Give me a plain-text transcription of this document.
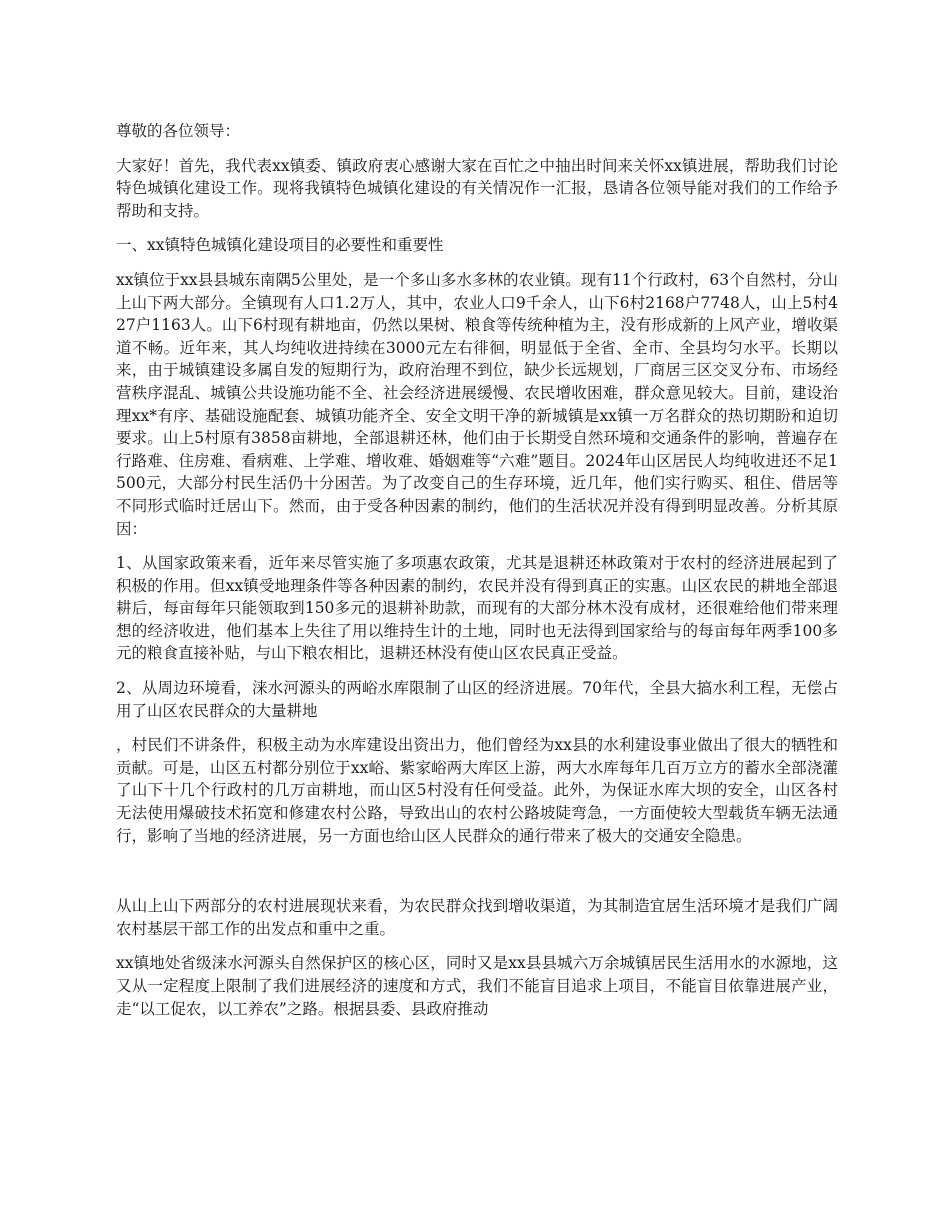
尊敬的各位领导：

大家好！首先，我代表xx镇委、镇政府衷心感谢大家在百忙之中抽出时间来关怀xx镇进展，帮助我们讨论特色城镇化建设工作。现将我镇特色城镇化建设的有关情况作一汇报，恳请各位领导能对我们的工作给予帮助和支持。

一、xx镇特色城镇化建设项目的必要性和重要性

xx镇位于xx县县城东南隅5公里处，是一个多山多水多林的农业镇。现有11个行政村，63个自然村，分山上山下两大部分。全镇现有人口1.2万人，其中，农业人口9千余人，山下6村2168户7748人，山上5村427户1163人。山下6村现有耕地亩，仍然以果树、粮食等传统种植为主，没有形成新的上风产业，增收渠道不畅。近年来，其人均纯收进持续在3000元左右徘徊，明显低于全省、全市、全县均匀水平。长期以来，由于城镇建设多属自发的短期行为，政府治理不到位，缺少长远规划，厂商居三区交叉分布、市场经营秩序混乱、城镇公共设施功能不全、社会经济进展缓慢、农民增收困难，群众意见较大。目前，建设治理xx*有序、基础设施配套、城镇功能齐全、安全文明干净的新城镇是xx镇一万名群众的热切期盼和迫切要求。山上5村原有3858亩耕地，全部退耕还林，他们由于长期受自然环境和交通条件的影响，普遍存在行路难、住房难、看病难、上学难、增收难、婚姻难等“六难”题目。2024年山区居民人均纯收进还不足1500元，大部分村民生活仍十分困苦。为了改变自己的生存环境，近几年，他们实行购买、租住、借居等不同形式临时迁居山下。然而，由于受各种因素的制约，他们的生活状况并没有得到明显改善。分析其原因：

1、从国家政策来看，近年来尽管实施了多项惠农政策，尤其是退耕还林政策对于农村的经济进展起到了积极的作用。但xx镇受地理条件等各种因素的制约，农民并没有得到真正的实惠。山区农民的耕地全部退耕后，每亩每年只能领取到150多元的退耕补助款，而现有的大部分林木没有成材，还很难给他们带来理想的经济收进，他们基本上失往了用以维持生计的土地，同时也无法得到国家给与的每亩每年两季100多元的粮食直接补贴，与山下粮农相比，退耕还林没有使山区农民真正受益。

2、从周边环境看，涞水河源头的两峪水库限制了山区的经济进展。70年代，全县大搞水利工程，无偿占用了山区农民群众的大量耕地

，村民们不讲条件，积极主动为水库建设出资出力，他们曾经为xx县的水利建设事业做出了很大的牺牲和贡献。可是，山区五村都分别位于xx峪、紫家峪两大库区上游，两大水库每年几百万立方的蓄水全部浇灌了山下十几个行政村的几万亩耕地，而山区5村没有任何受益。此外，为保证水库大坝的安全，山区各村无法使用爆破技术拓宽和修建农村公路，导致出山的农村公路坡陡弯急，一方面使较大型载货车辆无法通行，影响了当地的经济进展，另一方面也给山区人民群众的通行带来了极大的交通安全隐患。

从山上山下两部分的农村进展现状来看，为农民群众找到增收渠道，为其制造宜居生活环境才是我们广阔农村基层干部工作的出发点和重中之重。

xx镇地处省级涞水河源头自然保护区的核心区，同时又是xx县县城六万余城镇居民生活用水的水源地，这又从一定程度上限制了我们进展经济的速度和方式，我们不能盲目追求上项目，不能盲目依靠进展产业，走“以工促农，以工养农”之路。根据县委、县政府推动
